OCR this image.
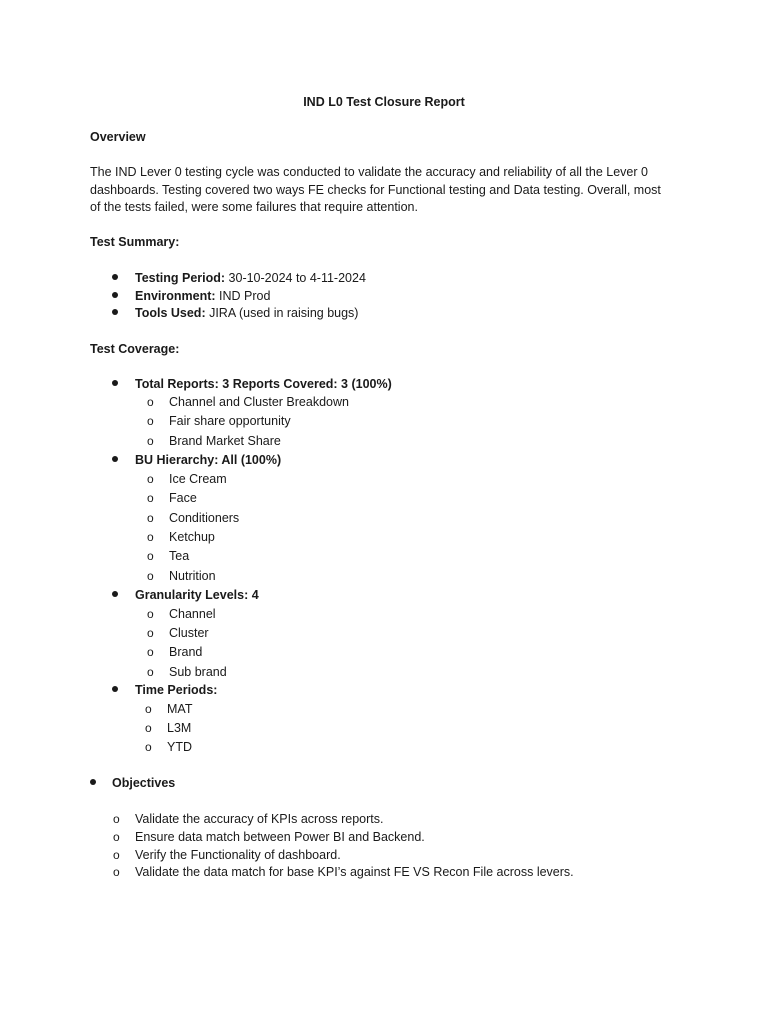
IND L0 Test Closure Report
Overview
The IND Lever 0 testing cycle was conducted to validate the accuracy and reliability of all the Lever 0 dashboards. Testing covered two ways FE checks for Functional testing and Data testing. Overall, most of the tests failed, were some failures that require attention.
Test Summary:
Testing Period: 30-10-2024 to 4-11-2024
Environment: IND Prod
Tools Used: JIRA (used in raising bugs)
Test Coverage:
Total Reports: 3 Reports Covered: 3 (100%)
o Channel and Cluster Breakdown
o Fair share opportunity
o Brand Market Share
BU Hierarchy: All (100%)
o Ice Cream
o Face
o Conditioners
o Ketchup
o Tea
o Nutrition
Granularity Levels: 4
o Channel
o Cluster
o Brand
o Sub brand
Time Periods:
o MAT
o L3M
o YTD
Objectives
o Validate the accuracy of KPIs across reports.
o Ensure data match between Power BI and Backend.
o Verify the Functionality of dashboard.
o Validate the data match for base KPI’s against FE VS Recon File across levers.
